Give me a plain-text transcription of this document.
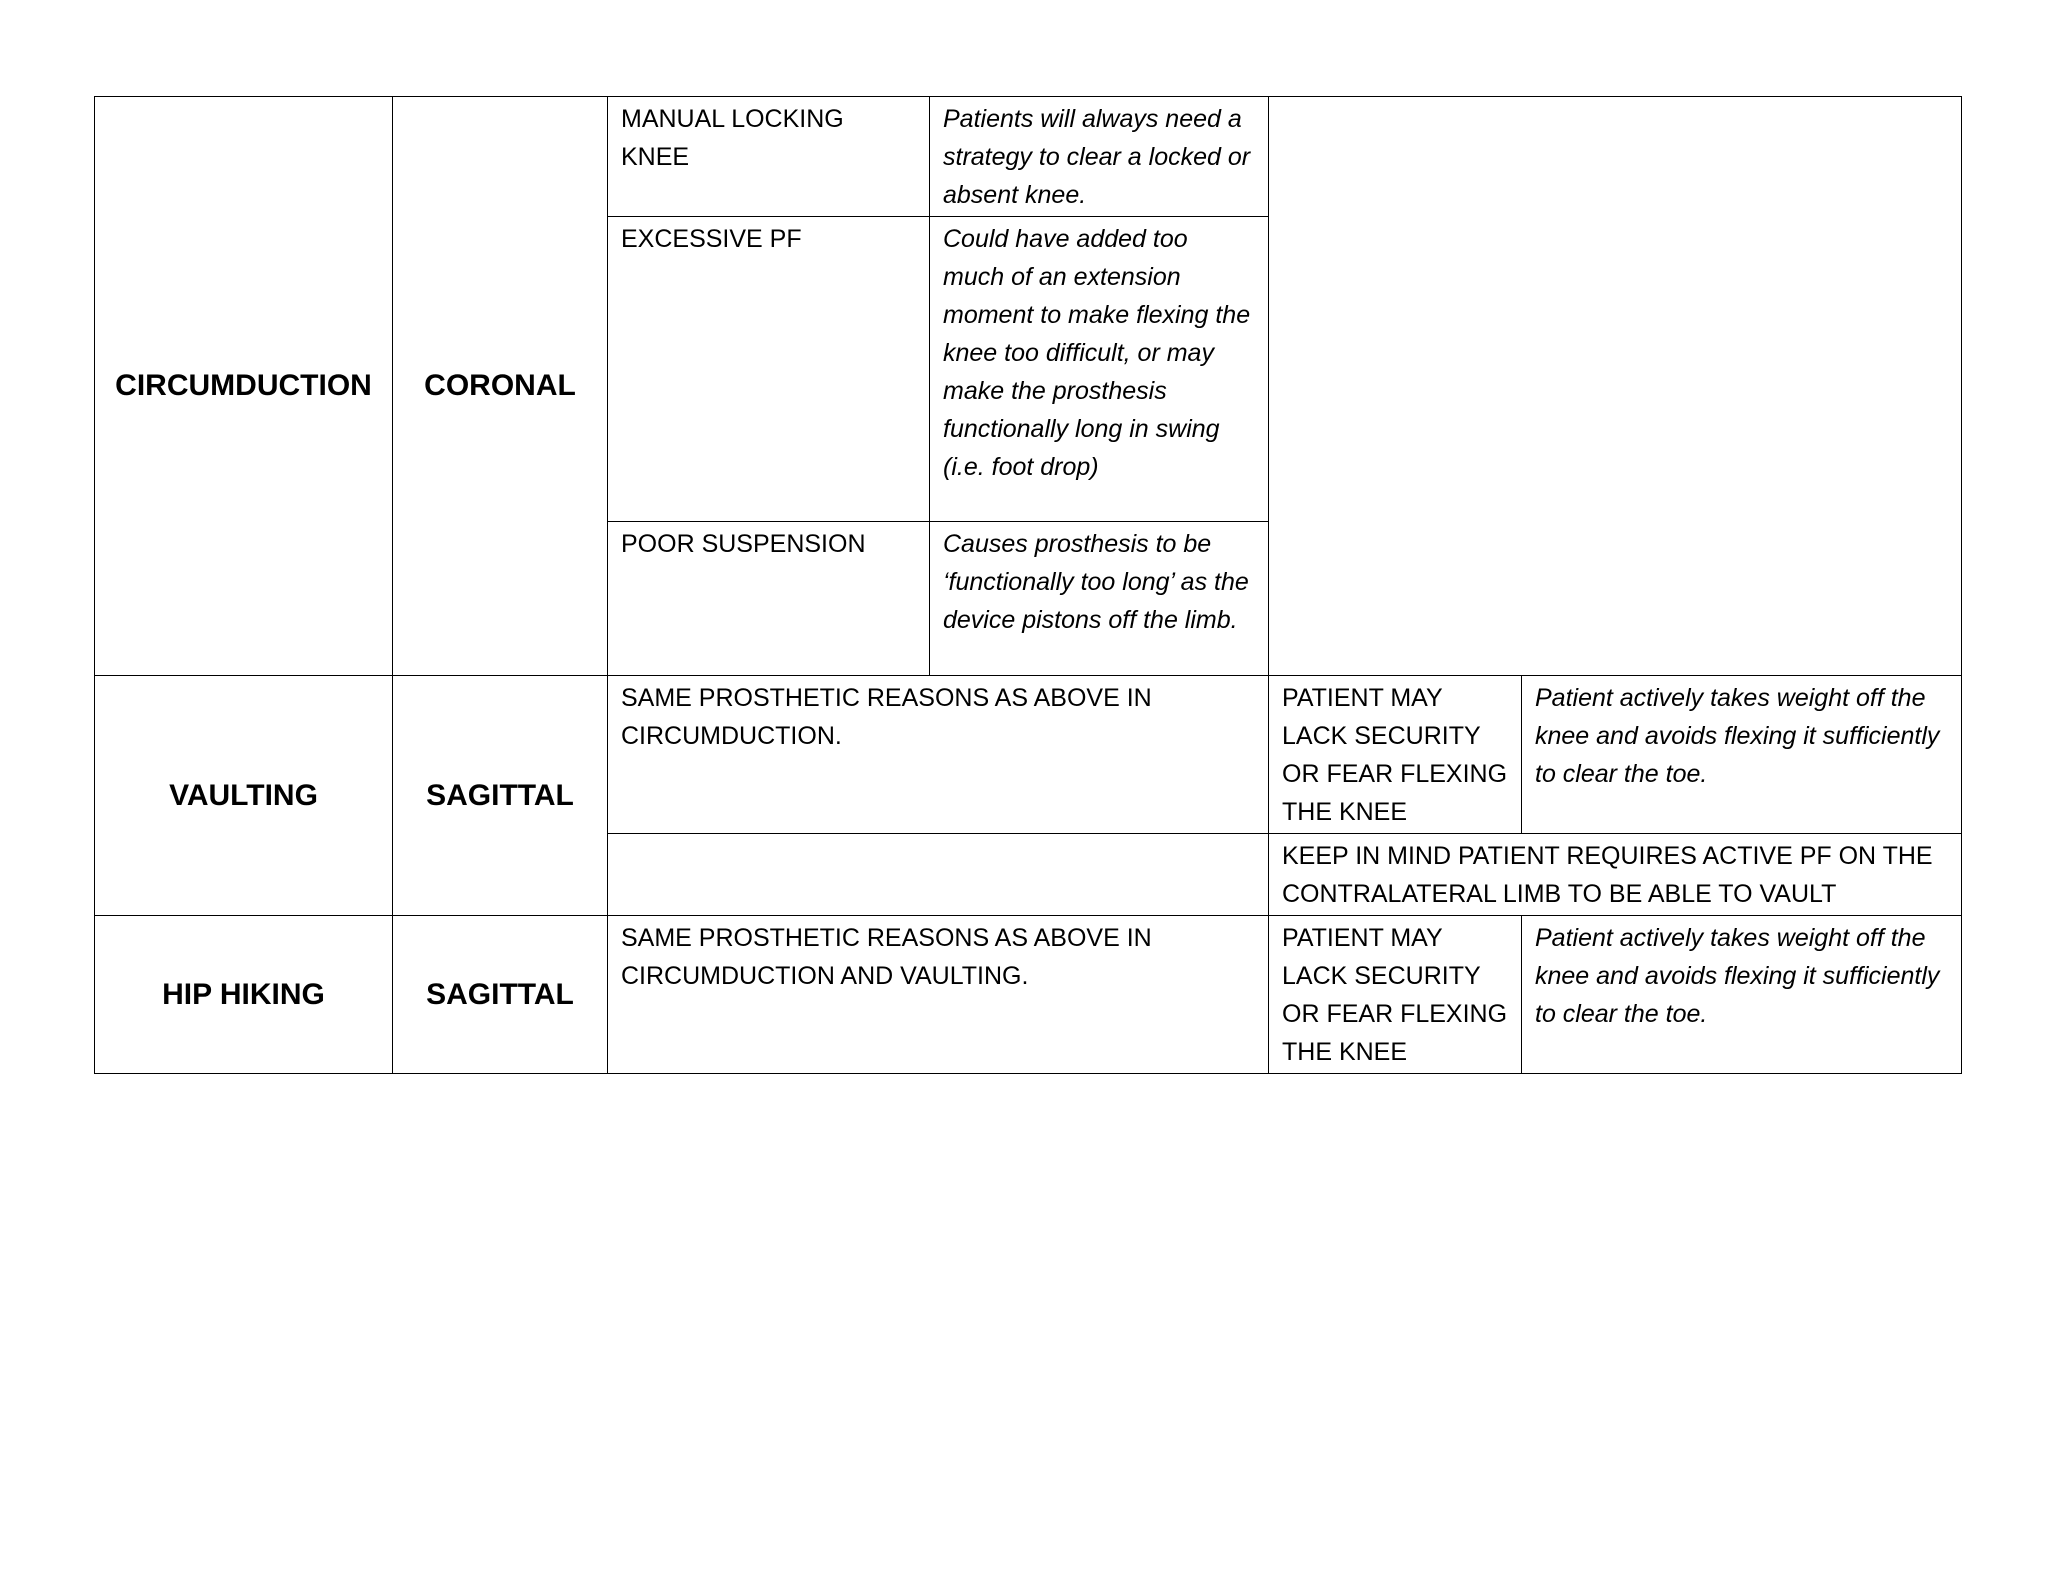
CIRCUMDUCTION	CORONAL	MANUAL LOCKING KNEE	Patients will always need a strategy to clear a locked or absent knee.		
		EXCESSIVE PF	Could have added too much of an extension moment to make flexing the knee too difficult, or may make the prosthesis functionally long in swing (i.e. foot drop)		
		POOR SUSPENSION	Causes prosthesis to be ‘functionally too long’ as the device pistons off the limb.		
VAULTING	SAGITTAL	SAME PROSTHETIC REASONS AS ABOVE IN CIRCUMDUCTION.		PATIENT MAY LACK SECURITY OR FEAR FLEXING THE KNEE	Patient actively takes weight off the knee and avoids flexing it sufficiently to clear the toe.
				KEEP IN MIND PATIENT REQUIRES ACTIVE PF ON THE CONTRALATERAL LIMB TO BE ABLE TO VAULT	
HIP HIKING	SAGITTAL	SAME PROSTHETIC REASONS AS ABOVE IN CIRCUMDUCTION AND VAULTING.		PATIENT MAY LACK SECURITY OR FEAR FLEXING THE KNEE	Patient actively takes weight off the knee and avoids flexing it sufficiently to clear the toe.
